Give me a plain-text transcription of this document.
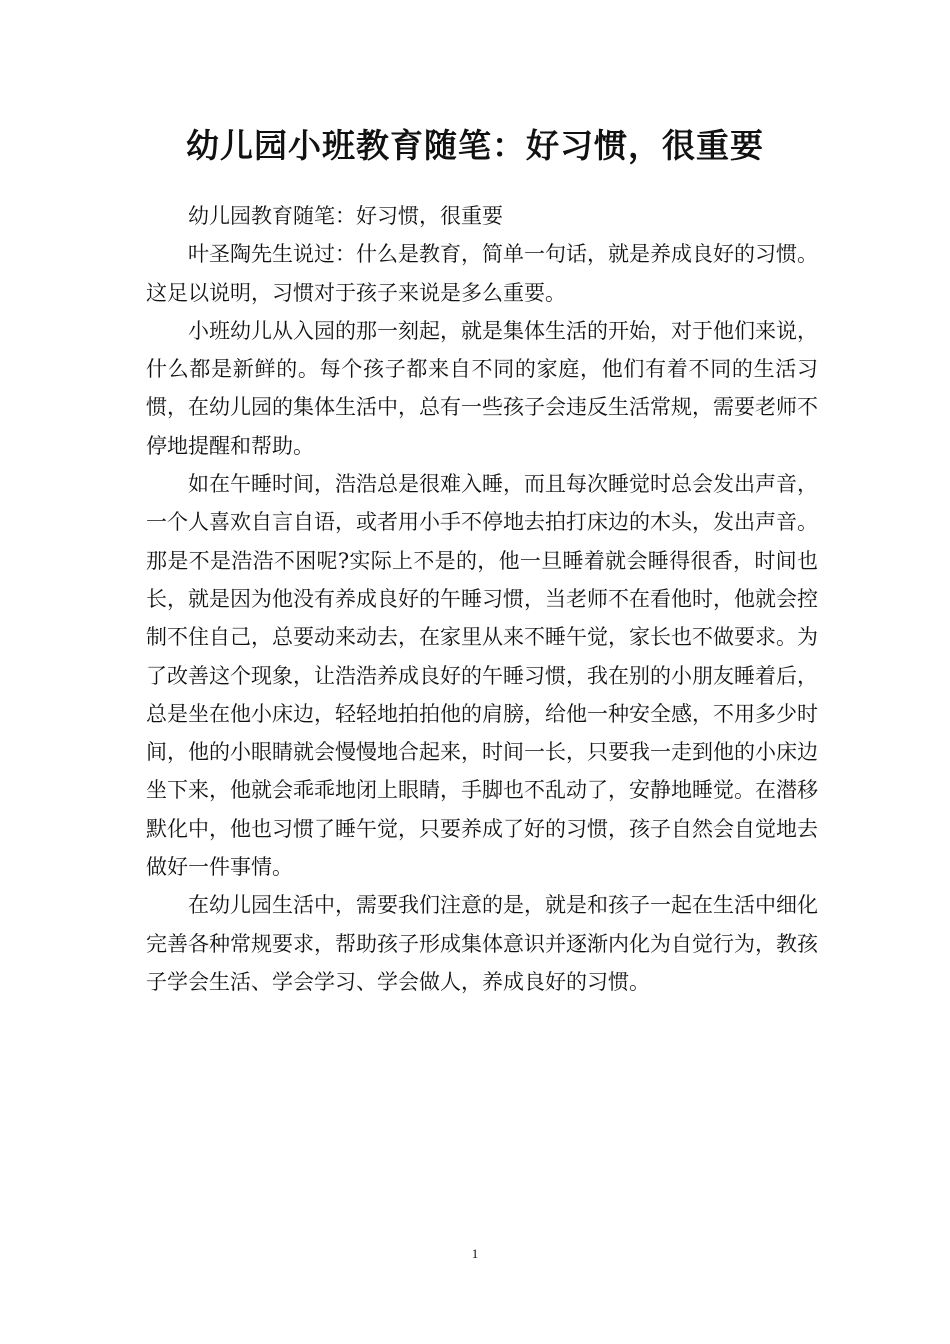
幼儿园小班教育随笔：好习惯，很重要

幼儿园教育随笔：好习惯，很重要

叶圣陶先生说过：什么是教育，简单一句话，就是养成良好的习惯。这足以说明，习惯对于孩子来说是多么重要。

小班幼儿从入园的那一刻起，就是集体生活的开始，对于他们来说，什么都是新鲜的。每个孩子都来自不同的家庭，他们有着不同的生活习惯，在幼儿园的集体生活中，总有一些孩子会违反生活常规，需要老师不停地提醒和帮助。

如在午睡时间，浩浩总是很难入睡，而且每次睡觉时总会发出声音，一个人喜欢自言自语，或者用小手不停地去拍打床边的木头，发出声音。那是不是浩浩不困呢?实际上不是的，他一旦睡着就会睡得很香，时间也长，就是因为他没有养成良好的午睡习惯，当老师不在看他时，他就会控制不住自己，总要动来动去，在家里从来不睡午觉，家长也不做要求。为了改善这个现象，让浩浩养成良好的午睡习惯，我在别的小朋友睡着后，总是坐在他小床边，轻轻地拍拍他的肩膀，给他一种安全感，不用多少时间，他的小眼睛就会慢慢地合起来，时间一长，只要我一走到他的小床边坐下来，他就会乖乖地闭上眼睛，手脚也不乱动了，安静地睡觉。在潜移默化中，他也习惯了睡午觉，只要养成了好的习惯，孩子自然会自觉地去做好一件事情。

在幼儿园生活中，需要我们注意的是，就是和孩子一起在生活中细化完善各种常规要求，帮助孩子形成集体意识并逐渐内化为自觉行为，教孩子学会生活、学会学习、学会做人，养成良好的习惯。

1
